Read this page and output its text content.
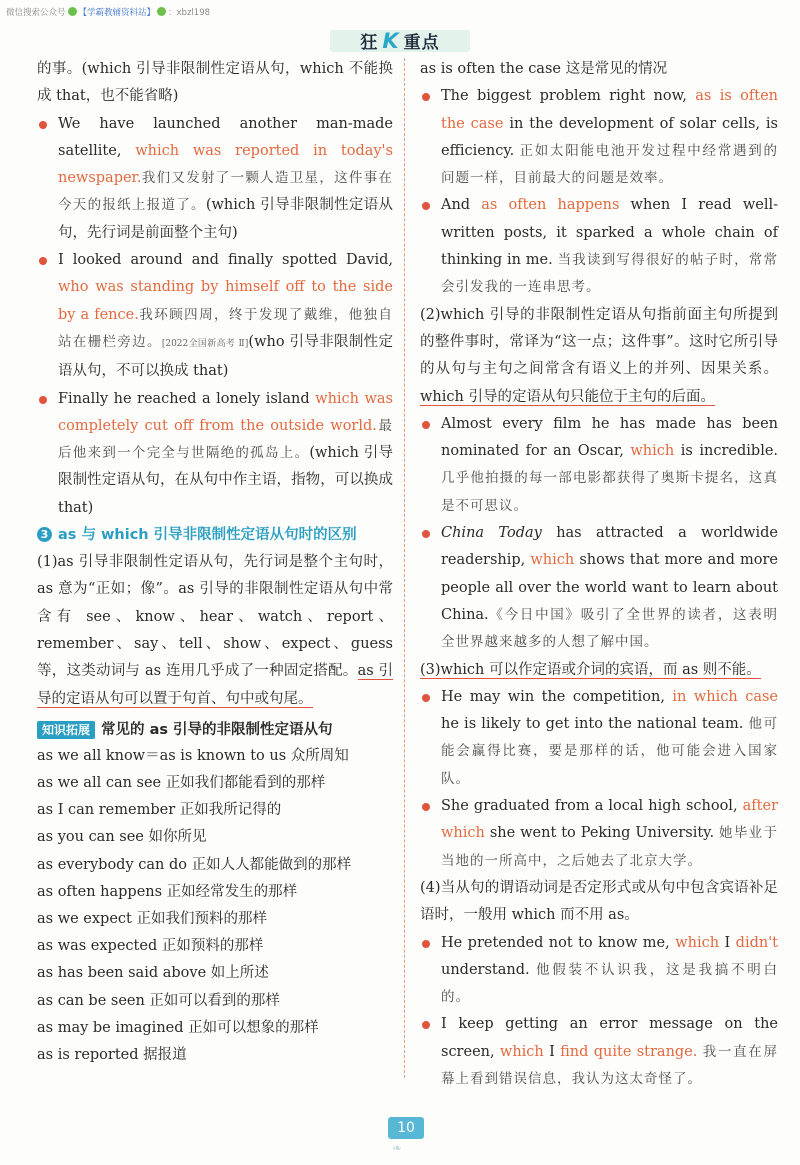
微信搜索公众号 【学霸教辅资料站】 ：xbzl198
狂 K 重点

的事。(which 引导非限制性定语从句，which 不能换成 that，也不能省略)

We have launched another man-made satellite, which was reported in today's newspaper.我们又发射了一颗人造卫星，这件事在今天的报纸上报道了。(which 引导非限制性定语从句，先行词是前面整个主句)

I looked around and finally spotted David, who was standing by himself off to the side by a fence.我环顾四周，终于发现了戴维，他独自站在栅栏旁边。[2022全国新高考 Ⅱ](who 引导非限制性定语从句，不可以换成 that)

Finally he reached a lonely island which was completely cut off from the outside world.最后他来到一个完全与世隔绝的孤岛上。(which 引导限制性定语从句，在从句中作主语，指物，可以换成 that)

3 as 与 which 引导非限制性定语从句时的区别

(1)as 引导非限制性定语从句，先行词是整个主句时，as 意为“正如；像”。as 引导的非限制性定语从句中常含有 see、know、hear、watch、report、remember、say、tell、show、expect、guess 等，这类动词与 as 连用几乎成了一种固定搭配。as 引导的定语从句可以置于句首、句中或句尾。

知识拓展 常见的 as 引导的非限制性定语从句

as we all know＝as is known to us 众所周知

as we all can see 正如我们都能看到的那样

as I can remember 正如我所记得的

as you can see 如你所见

as everybody can do 正如人人都能做到的那样

as often happens 正如经常发生的那样

as we expect 正如我们预料的那样

as was expected 正如预料的那样

as has been said above 如上所述

as can be seen 正如可以看到的那样

as may be imagined 正如可以想象的那样

as is reported 据报道

as is often the case 这是常见的情况

The biggest problem right now, as is often the case in the development of solar cells, is efficiency. 正如太阳能电池开发过程中经常遇到的问题一样，目前最大的问题是效率。

And as often happens when I read well-written posts, it sparked a whole chain of thinking in me. 当我读到写得很好的帖子时，常常会引发我的一连串思考。

(2)which 引导的非限制性定语从句指前面主句所提到的整件事时，常译为“这一点；这件事”。这时它所引导的从句与主句之间常含有语义上的并列、因果关系。which 引导的定语从句只能位于主句的后面。

Almost every film he has made has been nominated for an Oscar, which is incredible.几乎他拍摄的每一部电影都获得了奥斯卡提名，这真是不可思议。

China Today has attracted a worldwide readership, which shows that more and more people all over the world want to learn about China.《今日中国》吸引了全世界的读者，这表明全世界越来越多的人想了解中国。

(3)which 可以作定语或介词的宾语，而 as 则不能。

He may win the competition, in which case he is likely to get into the national team. 他可能会赢得比赛，要是那样的话，他可能会进入国家队。

She graduated from a local high school, after which she went to Peking University. 她毕业于当地的一所高中，之后她去了北京大学。

(4)当从句的谓语动词是否定形式或从句中包含宾语补足语时，一般用 which 而不用 as。

He pretended not to know me, which I didn't understand. 他假装不认识我，这是我搞不明白的。

I keep getting an error message on the screen, which I find quite strange. 我一直在屏幕上看到错误信息，我认为这太奇怪了。

10
❧
